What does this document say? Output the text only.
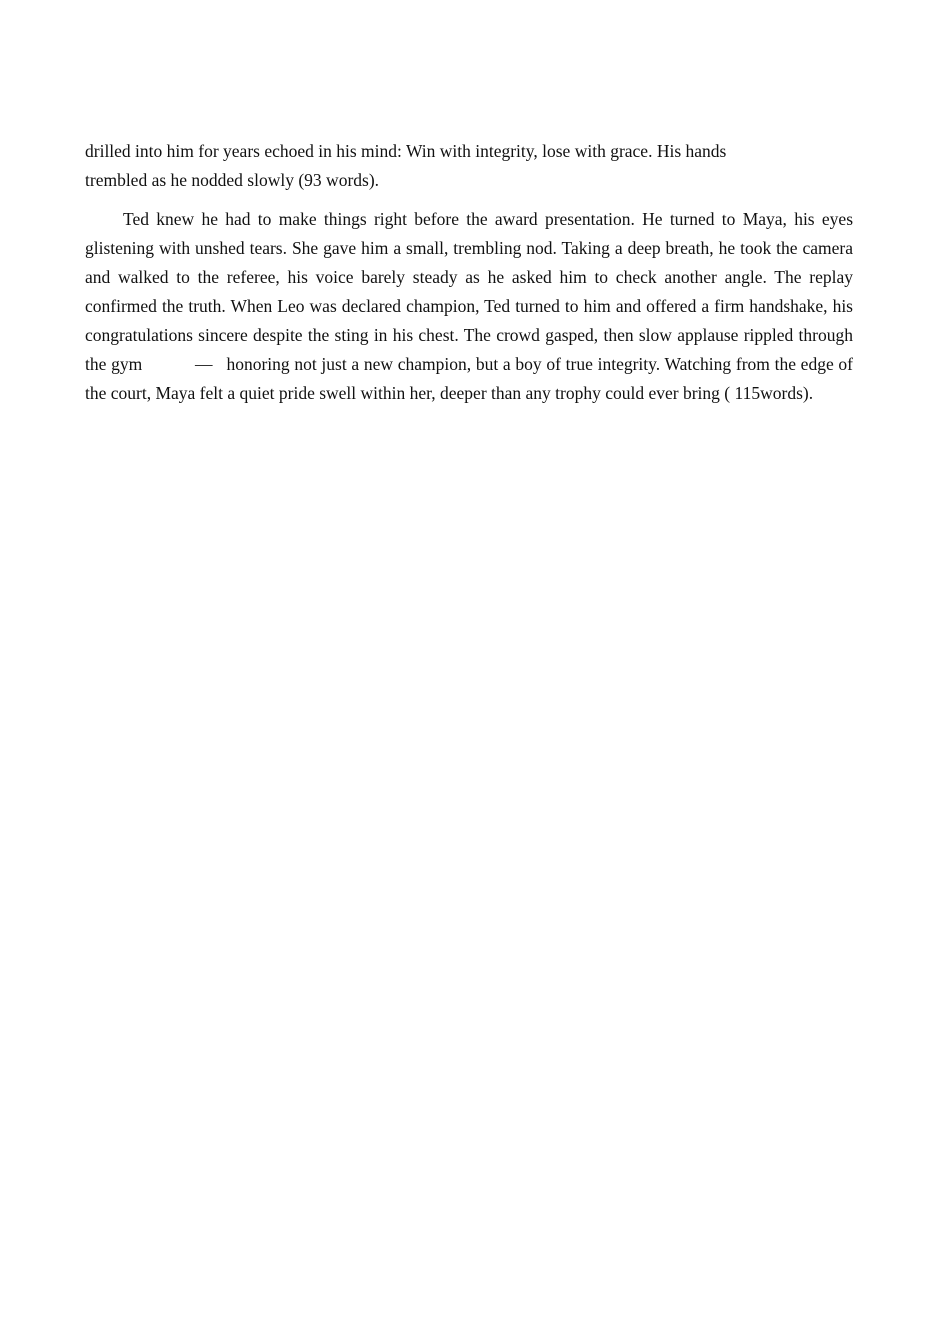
drilled into him for years echoed in his mind: Win with integrity, lose with grace. His hands
trembled as he nodded slowly (93 words).
Ted knew he had to make things right before the award presentation. He turned to Maya, his eyes glistening with unshed tears. She gave him a small, trembling nod. Taking a deep breath, he took the camera and walked to the referee, his voice barely steady as he asked him to check another angle. The replay confirmed the truth. When Leo was declared champion, Ted turned to him and offered a firm handshake, his congratulations sincere despite the sting in his chest. The crowd gasped, then slow applause rippled through the gym	— honoring not just a new champion, but a boy of true integrity. Watching from the edge of the court, Maya felt a quiet pride swell within her, deeper than any trophy could ever bring ( 115words).
